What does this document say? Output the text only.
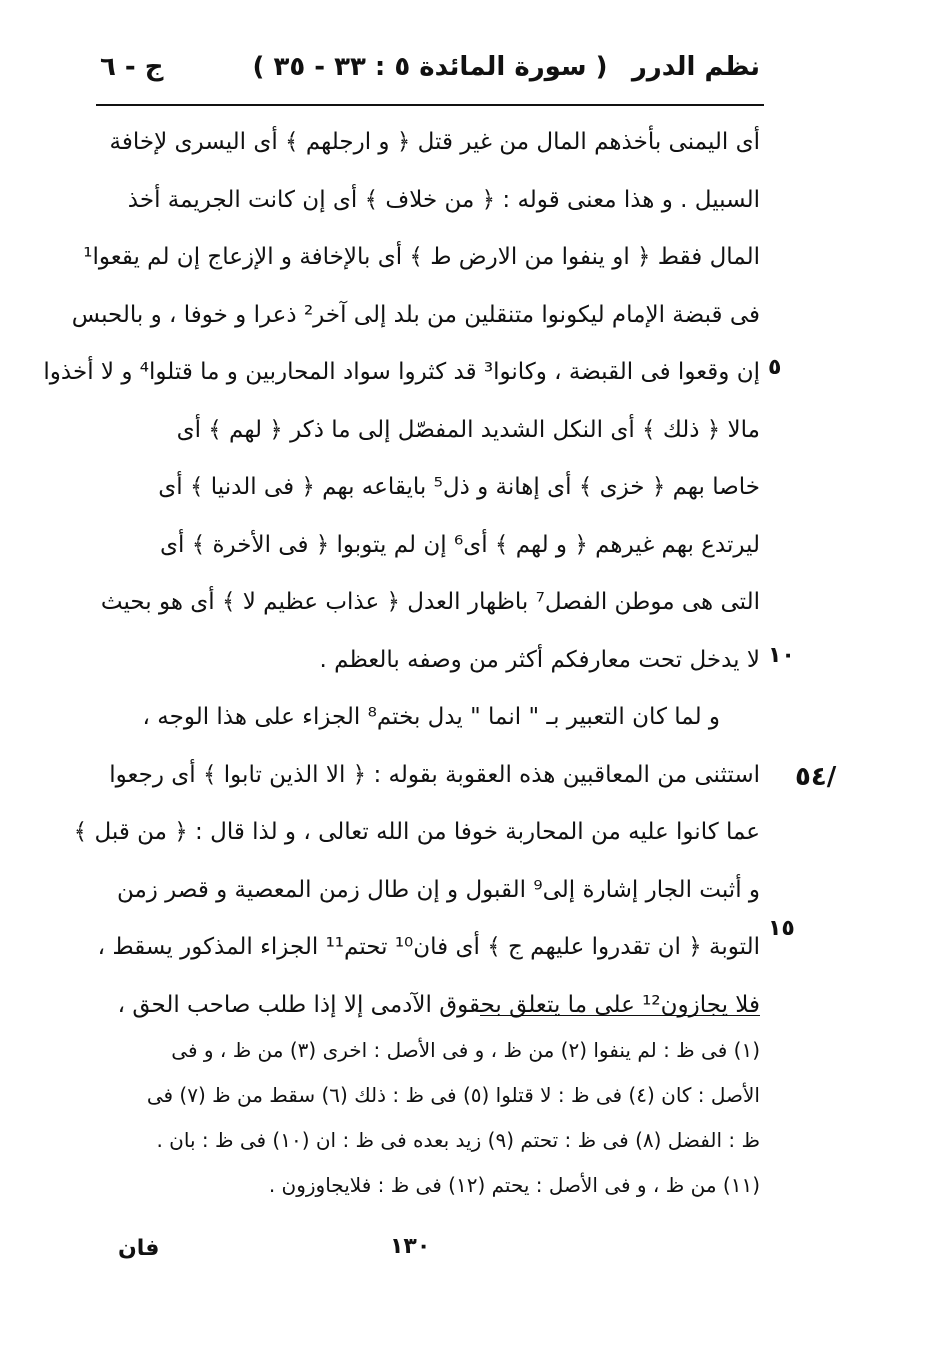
نظم الدرر
( سورة المائدة ٥ : ٣٣ - ٣٥ )
ج - ٦
أى اليمنى بأخذهم المال من غير قتل ﴿ و ارجلهم ﴾ أى اليسرى لإخافة
السبيل . و هذا معنى قوله : ﴿ من خلاف ﴾ أى إن كانت الجريمة أخذ
المال فقط ﴿ او ينفوا من الارض ط ﴾ أى بالإخافة و الإزعاج إن لم يقعوا¹
فى قبضة الإمام ليكونوا متنقلين من بلد إلى آخر² ذعرا و خوفا ، و بالحبس
إن وقعوا فى القبضة ، وكانوا³ قد كثروا سواد المحاربين و ما قتلوا⁴ و لا أخذوا
مالا ﴿ ذلك ﴾ أى النكل الشديد المفصّل إلى ما ذكر ﴿ لهم ﴾ أى
خاصا بهم ﴿ خزى ﴾ أى إهانة و ذل⁵ بايقاعه بهم ﴿ فى الدنيا ﴾ أى
ليرتدع بهم غيرهم ﴿ و لهم ﴾ أى⁶ إن لم يتوبوا ﴿ فى الأخرة ﴾ أى
التى هى موطن الفصل⁷ باظهار العدل ﴿ عذاب عظيم لا ﴾ أى هو بحيث
لا يدخل تحت معارفكم أكثر من وصفه بالعظم .
و لما كان التعبير بـ " انما " يدل بختم⁸ الجزاء على هذا الوجه ،
استثنى من المعاقبين هذه العقوبة بقوله : ﴿ الا الذين تابوا ﴾ أى رجعوا
عما كانوا عليه من المحاربة خوفا من الله تعالى ، و لذا قال : ﴿ من قبل ﴾
و أثبت الجار إشارة إلى⁹ القبول و إن طال زمن المعصية و قصر زمن
التوبة ﴿ ان تقدروا عليهم ج ﴾ أى فان¹⁰ تحتم¹¹ الجزاء المذكور يسقط ،
فلا يجازون¹² على ما يتعلق بحقوق الآدمى إلا إذا طلب صاحب الحق ،
٥
١٠
١٥
/٥٤
(١) فى ظ : لم ينفوا (٢) من ظ ، و فى الأصل : اخرى (٣) من ظ ، و فى
الأصل : كان (٤) فى ظ : لا قتلوا (٥) فى ظ : ذلك (٦) سقط من ظ (٧) فى
ظ : الفضل (٨) فى ظ : تحتم (٩) زيد بعده فى ظ : ان (١٠) فى ظ : بان .
(١١) من ظ ، و فى الأصل : يحتم (١٢) فى ظ : فلايجاوزون .
١٣٠
فان
